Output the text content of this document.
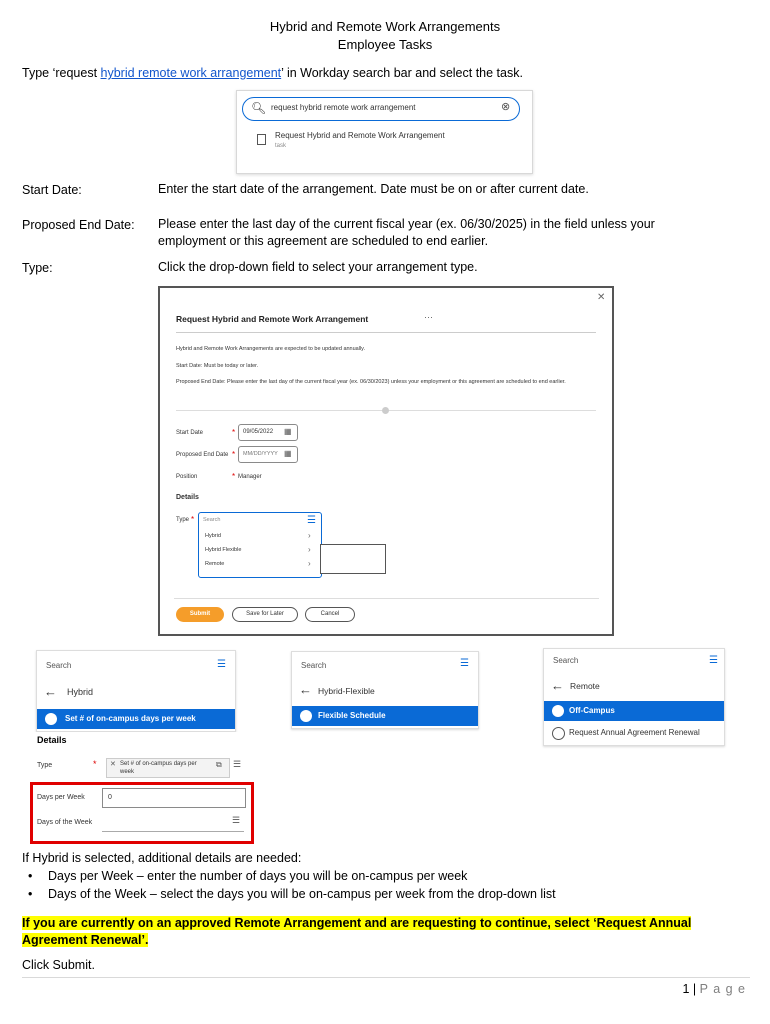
Hybrid and Remote Work Arrangements
Employee Tasks
Type ‘request hybrid remote work arrangement’ in Workday search bar and select the task.
🔍︎ request hybrid remote work arrangement	⊗
Request Hybrid and Remote Work Arrangement
task
Start Date:	Enter the start date of the arrangement. Date must be on or after current date.
Proposed End Date: Please enter the last day of the current fiscal year (ex. 06/30/2025) in the field unless your employment or this agreement are scheduled to end earlier.
Type:	Click the drop-down field to select your arrangement type.
✕
Request Hybrid and Remote Work Arrangement	⋯
Hybrid and Remote Work Arrangements are expected to be updated annually.
Start Date: Must be today or later.
Proposed End Date: Please enter the last day of the current fiscal year (ex. 06/30/2023) unless your employment or this agreement are scheduled to end earlier.
Start Date	* 09/05/2022 ▦
Proposed End Date * MM/DD/YYYY ▦
Position	* Manager
Details
Type * Search	☰
Hybrid	›
Hybrid Flexible	›
Remote	›
Submit	Save for Later	Cancel
Search	☰
← Hybrid
Set # of on-campus days per week
Search	☰
← Hybrid-Flexible
Flexible Schedule
Search	☰
← Remote
Off-Campus
Request Annual Agreement Renewal
Details
Type	* ✕ Set # of on-campus days per week
⧉ ☰
Days per Week	0
Days of the Week	☰
If Hybrid is selected, additional details are needed:
• Days per Week – enter the number of days you will be on-campus per week
• Days of the Week – select the days you will be on-campus per week from the drop-down list
If you are currently on an approved Remote Arrangement and are requesting to continue, select ‘Request Annual Agreement Renewal’.
Click Submit.
1 | P a g e
